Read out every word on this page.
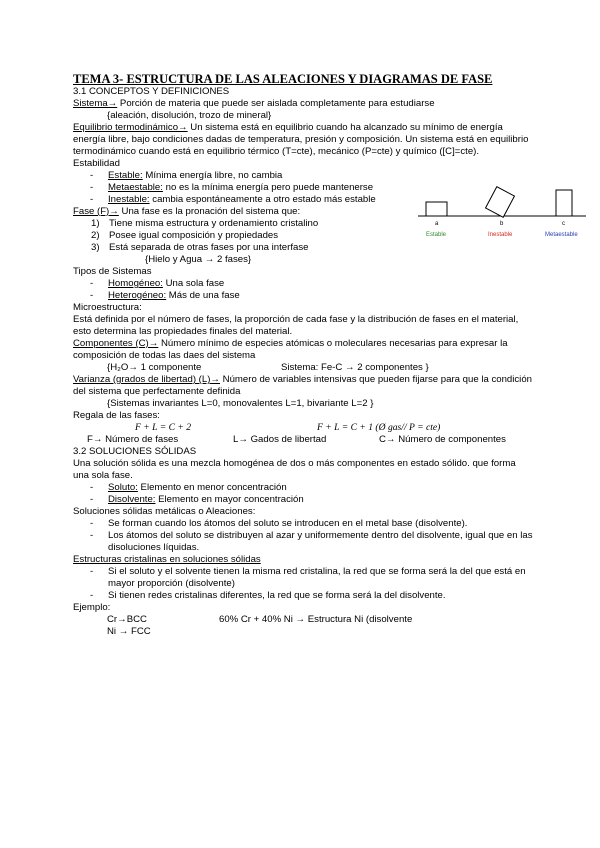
TEMA 3- ESTRUCTURA DE LAS ALEACIONES Y DIAGRAMAS DE FASE
3.1 CONCEPTOS Y DEFINICIONES
Sistema→ Porción de materia que puede ser aislada completamente para estudiarse
{aleación, disolución, trozo de mineral}
Equilibrio termodinámico→ Un sistema está en equilibrio cuando ha alcanzado su mínimo de energía energía libre, bajo condiciones dadas de temperatura, presión y composición. Un sistema está en equilibrio termodinámico cuando está en equilibrio térmico (T=cte), mecánico (P=cte) y químico ([C]=cte).
Estabilidad
- Estable: Mínima energía libre, no cambia
- Metaestable: no es la mínima energía pero puede mantenerse
- Inestable: cambia espontáneamente a otro estado más estable
Fase (F)→ Una fase es la pronación del sistema que:
1) Tiene misma estructura y ordenamiento cristalino
2) Posee igual composición y propiedades
3) Está separada de otras fases por una interfase
{Hielo y Agua → 2 fases}
Tipos de Sistemas
- Homogéneo: Una sola fase
- Heterogéneo: Más de una fase
Microestructura:
Está definida por el número de fases, la proporción de cada fase y la distribución de fases en el material, esto determina las propiedades finales del material.
Componentes (C)→ Número mínimo de especies atómicas o moleculares necesarias para expresar la composición de todas las daes del sistema
{H₂O→ 1 componente	Sistema: Fe-C → 2 componentes }
Varianza (grados de libertad) (L)→ Número de variables intensivas que pueden fijarse para que la condición del sistema que perfectamente definida
{Sistemas invariantes L=0, monovalentes L=1, bivariante L=2 }
Regala de las fases:
F + L = C + 2	F + L = C + 1 (Ø gas// P = cte)
F→ Número de fases	L→ Gados de libertad	C→ Número de componentes
3.2 SOLUCIONES SÓLIDAS
Una solución sólida es una mezcla homogénea de dos o más componentes en estado sólido. que forma una sola fase.
- Soluto: Elemento en menor concentración
- Disolvente: Elemento en mayor concentración
Soluciones sólidas metálicas o Aleaciones:
- Se forman cuando los átomos del soluto se introducen en el metal base (disolvente).
- Los átomos del soluto se distribuyen al azar y uniformemente dentro del disolvente, igual que en las disoluciones líquidas.
Estructuras cristalinas en soluciones sólidas
- Si el soluto y el solvente tienen la misma red cristalina, la red que se forma será la del que está en mayor proporción (disolvente)
- Si tienen redes cristalinas diferentes, la red que se forma será la del disolvente.
Ejemplo:
Cr→BCC	60% Cr + 40% Ni → Estructura Ni (disolvente
Ni → FCC
a	b	c
Estable	Inestable	Metaestable
